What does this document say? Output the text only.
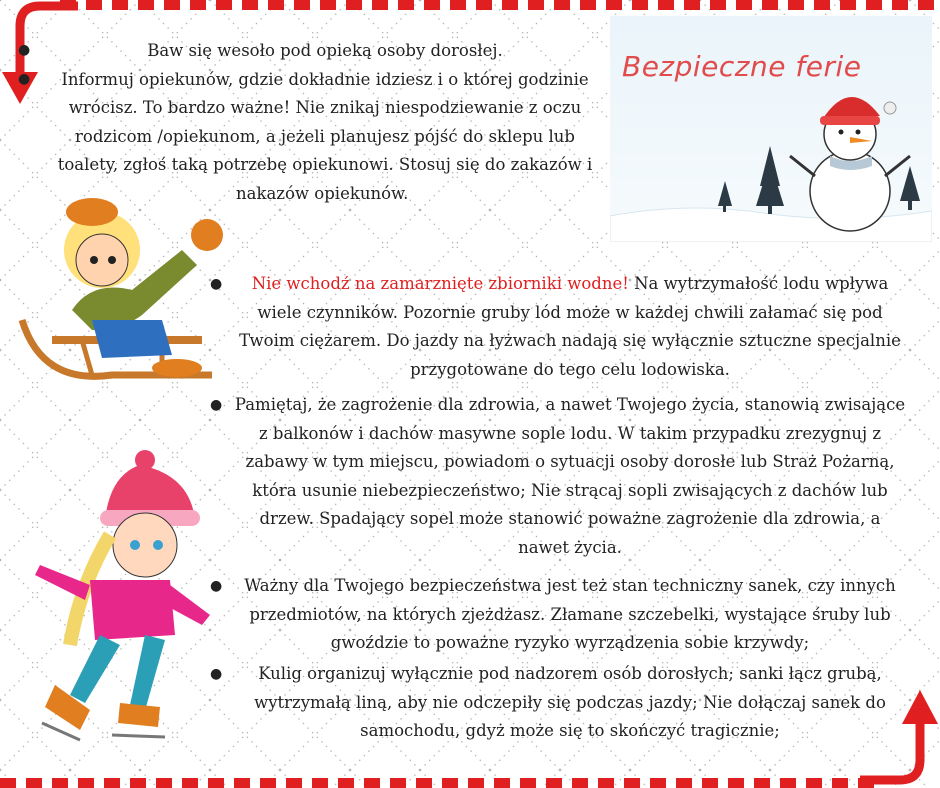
Bezpieczne ferie
●
●

Baw się wesoło pod opieką osoby dorosłej.

Informuj opiekunów, gdzie dokładnie idziesz i o której godzinie

wrócisz. To bardzo ważne! Nie znikaj niespodziewanie z oczu

rodzicom /opiekunom, a jeżeli planujesz pójść do sklepu lub

toalety, zgłoś taką potrzebę opiekunowi. Stosuj się do zakazów i

nakazów opiekunów.

●	Nie wchodź na zamarznięte zbiorniki wodne! Na wytrzymałość lodu wpływa

wiele czynników. Pozornie gruby lód może w każdej chwili załamać się pod

Twoim ciężarem. Do jazdy na łyżwach nadają się wyłącznie sztuczne specjalnie

przygotowane do tego celu lodowiska.

● Pamiętaj, że zagrożenie dla zdrowia, a nawet Twojego życia, stanowią zwisające

z balkonów i dachów masywne sople lodu. W takim przypadku zrezygnuj z

zabawy w tym miejscu, powiadom o sytuacji osoby dorosłe lub Straż Pożarną,

która usunie niebezpieczeństwo; Nie strącaj sopli zwisających z dachów lub

drzew. Spadający sopel może stanowić poważne zagrożenie dla zdrowia, a

nawet życia.

●	Ważny dla Twojego bezpieczeństwa jest też stan techniczny sanek, czy innych

przedmiotów, na których zjeżdżasz. Złamane szczebelki, wystające śruby lub

gwoździe to poważne ryzyko wyrządzenia sobie krzywdy;

●	Kulig organizuj wyłącznie pod nadzorem osób dorosłych; sanki łącz grubą,

wytrzymałą liną, aby nie odczepiły się podczas jazdy; Nie dołączaj sanek do

samochodu, gdyż może się to skończyć tragicznie;
